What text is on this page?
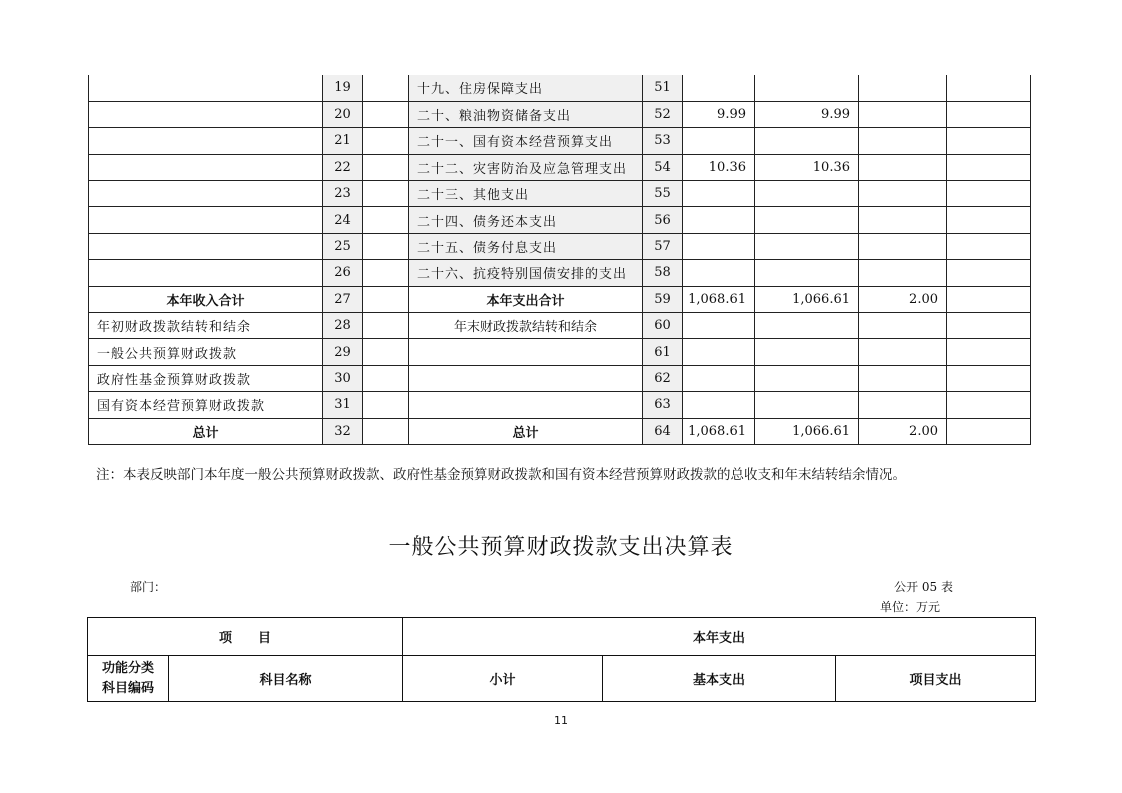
	19		十九、住房保障支出	51				
	20		二十、粮油物资储备支出	52	9.99	9.99		
	21		二十一、国有资本经营预算支出	53				
	22		二十二、灾害防治及应急管理支出	54	10.36	10.36		
	23		二十三、其他支出	55				
	24		二十四、债务还本支出	56				
	25		二十五、债务付息支出	57				
	26		二十六、抗疫特别国债安排的支出	58				
本年收入合计	27		本年支出合计	59	1,068.61	1,066.61	2.00	
年初财政拨款结转和结余	28		年末财政拨款结转和结余	60				
一般公共预算财政拨款	29			61				
政府性基金预算财政拨款	30			62				
国有资本经营预算财政拨款	31			63				
总计	32		总计	64	1,068.61	1,066.61	2.00	
注：本表反映部门本年度一般公共预算财政拨款、政府性基金预算财政拨款和国有资本经营预算财政拨款的总收支和年末结转结余情况。
一般公共预算财政拨款支出决算表
部门：	公开 05 表
单位：万元
项　　目		本年支出		
功能分类
科目编码	科目名称	小计	基本支出	项目支出
11
